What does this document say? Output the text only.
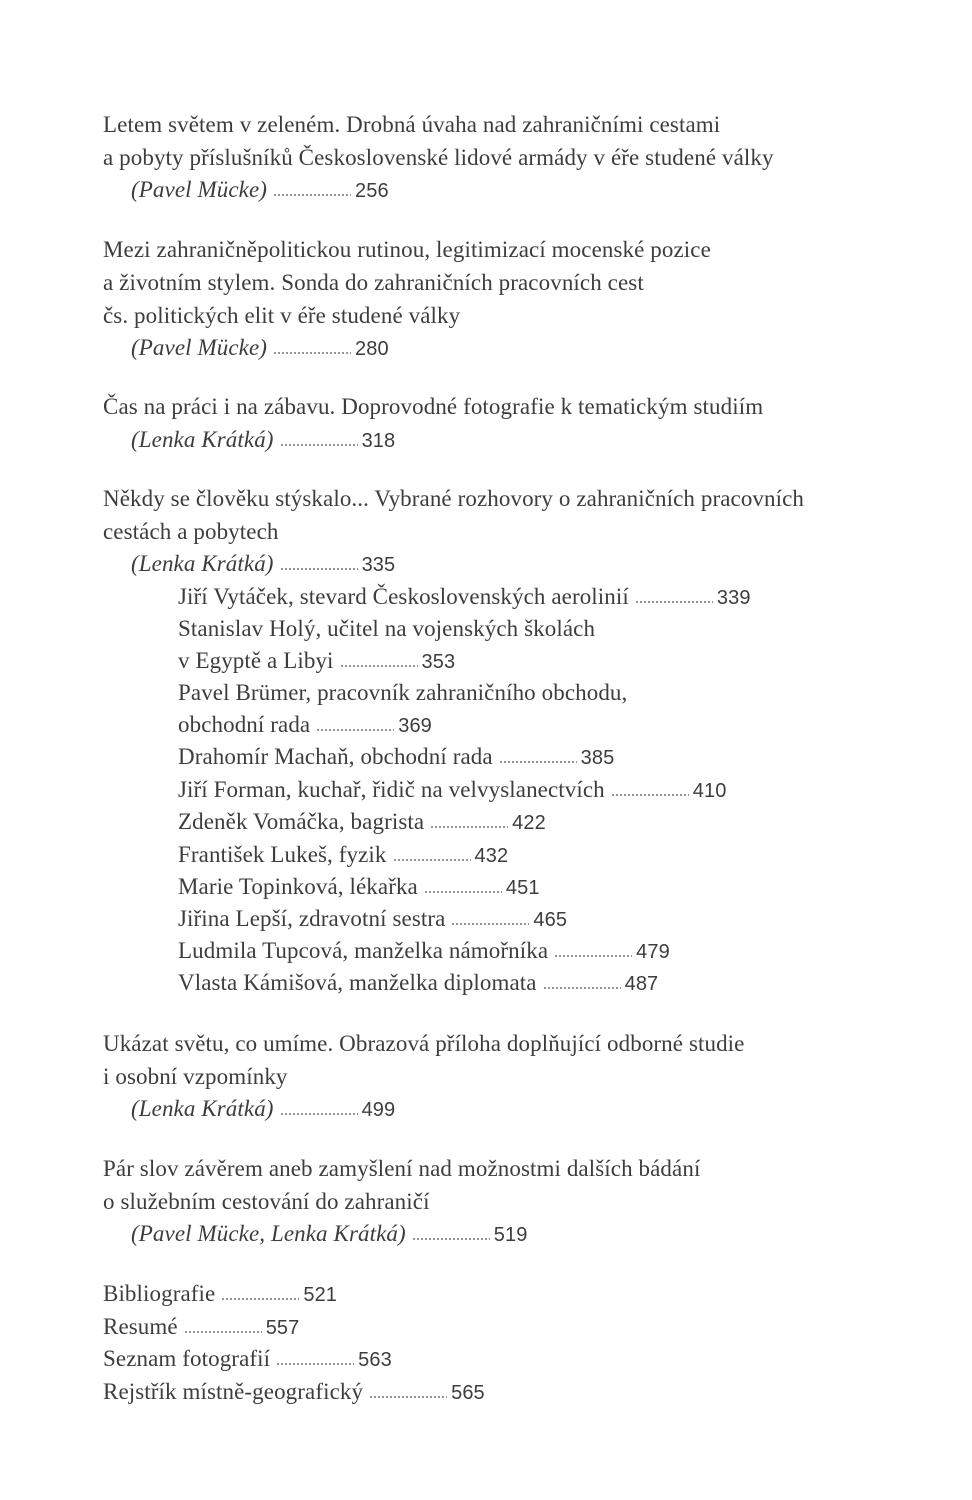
Letem světem v zeleném. Drobná úvaha nad zahraničními cestami
a pobyty příslušníků Československé lidové armády v éře studené války
(Pavel Mücke)	256
Mezi zahraničněpolitickou rutinou, legitimizací mocenské pozice
a životním stylem. Sonda do zahraničních pracovních cest
čs. politických elit v éře studené války
(Pavel Mücke)	280
Čas na práci i na zábavu. Doprovodné fotografie k tematickým studiím
(Lenka Krátká)	318
Někdy se člověku stýskalo... Vybrané rozhovory o zahraničních pracovních
cestách a pobytech
(Lenka Krátká)	335
Jiří Vytáček, stevard Československých aerolinií	339
Stanislav Holý, učitel na vojenských školách
v Egyptě a Libyi	353
Pavel Brümer, pracovník zahraničního obchodu,
obchodní rada	369
Drahomír Machaň, obchodní rada	385
Jiří Forman, kuchař, řidič na velvyslanectvích	410
Zdeněk Vomáčka, bagrista	422
František Lukeš, fyzik	432
Marie Topinková, lékařka	451
Jiřina Lepší, zdravotní sestra	465
Ludmila Tupcová, manželka námořníka	479
Vlasta Kámišová, manželka diplomata	487
Ukázat světu, co umíme. Obrazová příloha doplňující odborné studie
i osobní vzpomínky
(Lenka Krátká)	499
Pár slov závěrem aneb zamyšlení nad možnostmi dalších bádání
o služebním cestování do zahraničí
(Pavel Mücke, Lenka Krátká)	519
Bibliografie	521
Resumé	557
Seznam fotografií	563
Rejstřík místně-geografický	565
